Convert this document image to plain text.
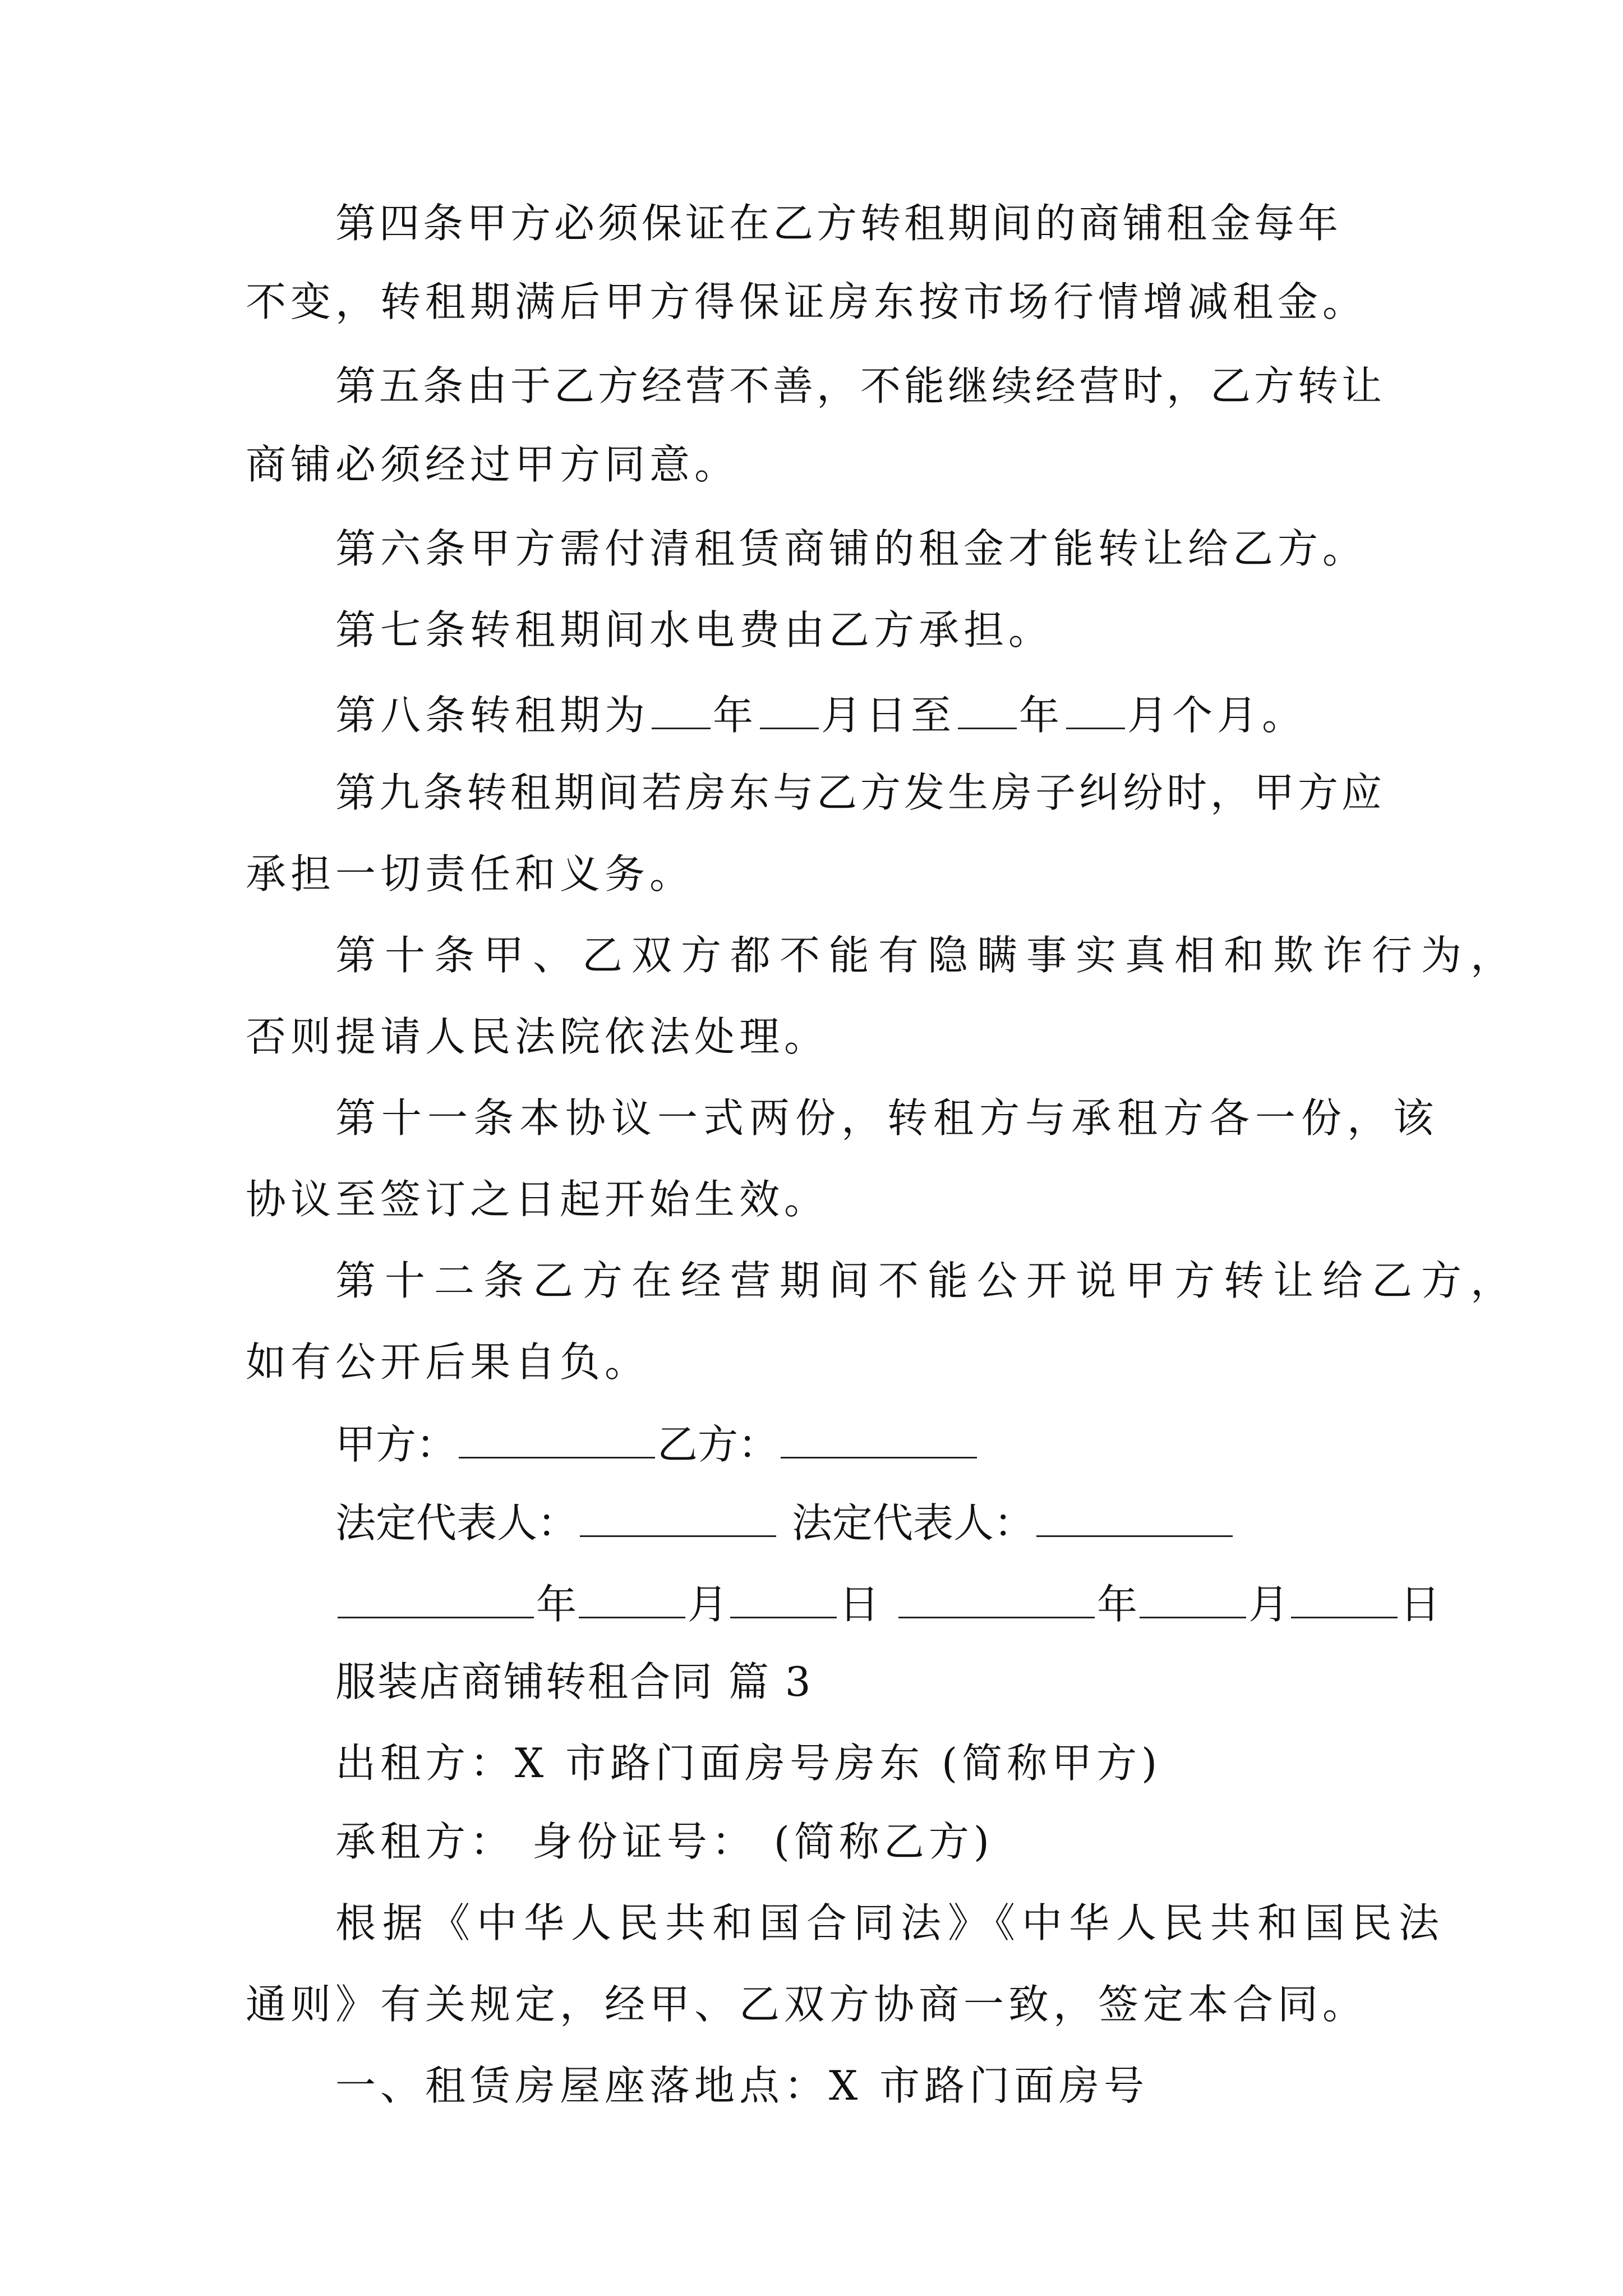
第四条甲方必须保证在乙方转租期间的商铺租金每年
不变，转租期满后甲方得保证房东按市场行情增减租金。
第五条由于乙方经营不善，不能继续经营时，乙方转让
商铺必须经过甲方同意。
第六条甲方需付清租赁商铺的租金才能转让给乙方。
第七条转租期间水电费由乙方承担。
第八条转租期为 年 月日至 年 月个月。
第九条转租期间若房东与乙方发生房子纠纷时，甲方应
承担一切责任和义务。
第十条甲、乙双方都不能有隐瞒事实真相和欺诈行为，
否则提请人民法院依法处理。
第十一条本协议一式两份，转租方与承租方各一份，该
协议至签订之日起开始生效。
第十二条乙方在经营期间不能公开说甲方转让给乙方，
如有公开后果自负。
甲方：	乙方：
法定代表人：	法定代表人：
年	月	日	年	月	日
服装店商铺转租合同 篇 3
出租方：X 市路门面房号房东 (简称甲方)
承租方： 身份证号： (简称乙方)
根据《中华人民共和国合同法》《中华人民共和国民法
通则》有关规定，经甲、乙双方协商一致，签定本合同。
一、租赁房屋座落地点：X 市路门面房号
